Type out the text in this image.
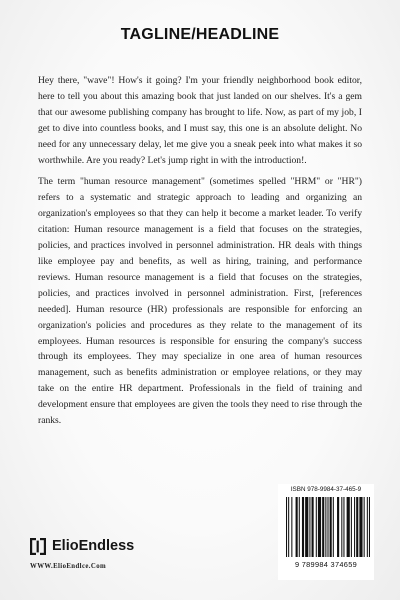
TAGLINE/HEADLINE

Hey there, "wave"! How's it going? I'm your friendly neighborhood book editor, here to tell you about this amazing book that just landed on our shelves. It's a gem that our awesome publishing company has brought to life. Now, as part of my job, I get to dive into countless books, and I must say, this one is an absolute delight. No need for any unnecessary delay, let me give you a sneak peek into what makes it so worthwhile. Are you ready? Let's jump right in with the introduction!.

The term "human resource management" (sometimes spelled "HRM" or "HR") refers to a systematic and strategic approach to leading and organizing an organization's employees so that they can help it become a market leader. To verify citation: Human resource management is a field that focuses on the strategies, policies, and practices involved in personnel administration. HR deals with things like employee pay and benefits, as well as hiring, training, and performance reviews. Human resource management is a field that focuses on the strategies, policies, and practices involved in personnel administration. First, [references needed]. Human resource (HR) professionals are responsible for enforcing an organization's policies and procedures as they relate to the management of its employees. Human resources is responsible for ensuring the company's success through its employees. They may specialize in one area of human resources management, such as benefits administration or employee relations, or they may take on the entire HR department. Professionals in the field of training and development ensure that employees are given the tools they need to rise through the ranks.

ISBN 978-9984-37-465-9
9 789984 374659
ElioEndless
WWW.ElioEndlce.Com
